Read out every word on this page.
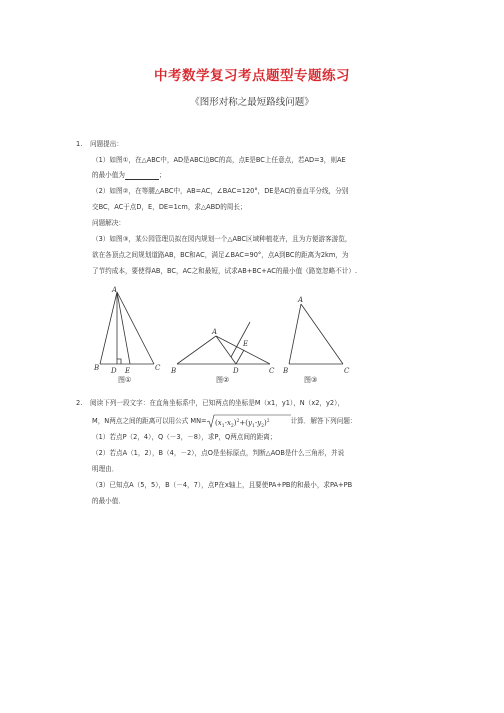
中考数学复习考点题型专题练习
《图形对称之最短路线问题》
1. 问题提出：
（1）如图①，在△ABC中，AD是ABC边BC的高，点E是BC上任意点，若AD=3，则AE
的最小值为	；
（2）如图②，在等腰△ABC中，AB=AC，∠BAC=120°，DE是AC的垂直平分线，分别
交BC，AC于点D，E，DE=1cm，求△ABD的周长；
问题解决：
（3）如图③，某公园管理员拟在园内规划一个△ABC区域种植花卉，且为方便游客游览，
欲在各顶点之间规划道路AB，BC和AC，满足∠BAC=90°，点A到BC的距离为2km，为
了节约成本，要使得AB，BC，AC之和最短，试求AB+BC+AC的最小值（路宽忽略不计）.
A
B D E	C
图①
A
E
B	D	C
图②
A
B	C
图③
2. 阅读下列一段文字：在直角坐标系中，已知两点的坐标是M（x1，y1），N（x2，y2），
M，N两点之间的距离可以用公式 $MN= (x_1-x_2)^2+(y_1-y_2)^2$	计算．解答下列问题：
（1）若点P（2，4），Q（－3，－8），求P，Q两点间的距离；
（2）若点A（1，2），B（4，－2），点O是坐标原点，判断△AOB是什么三角形，并说
明理由．
（3）已知点A（5，5），B（－4，7），点P在x轴上，且要使PA+PB的和最小，求PA+PB
的最小值．
